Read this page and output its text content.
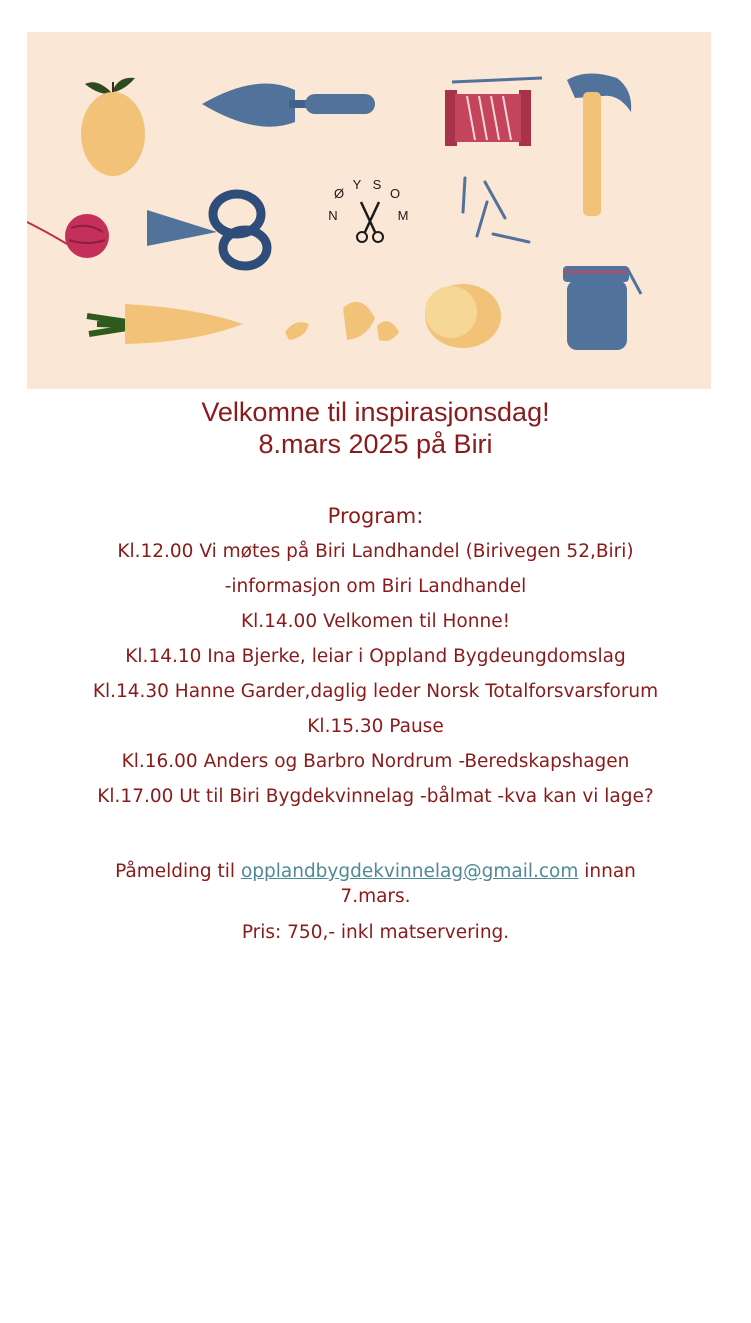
N
Ø
Y S
O
M
Velkomne til inspirasjonsdag!
8.mars 2025 på Biri
Program:
Kl.12.00 Vi møtes på Biri Landhandel (Birivegen 52,Biri)
-informasjon om Biri Landhandel
Kl.14.00 Velkomen til Honne!
Kl.14.10 Ina Bjerke, leiar i Oppland Bygdeungdomslag
Kl.14.30 Hanne Garder,daglig leder Norsk Totalforsvarsforum
Kl.15.30 Pause
Kl.16.00 Anders og Barbro Nordrum -Beredskapshagen
Kl.17.00 Ut til Biri Bygdekvinnelag -bålmat -kva kan vi lage?
Påmelding til opplandbygdekvinnelag@gmail.com innan 7.mars.
Pris: 750,- inkl matservering.
